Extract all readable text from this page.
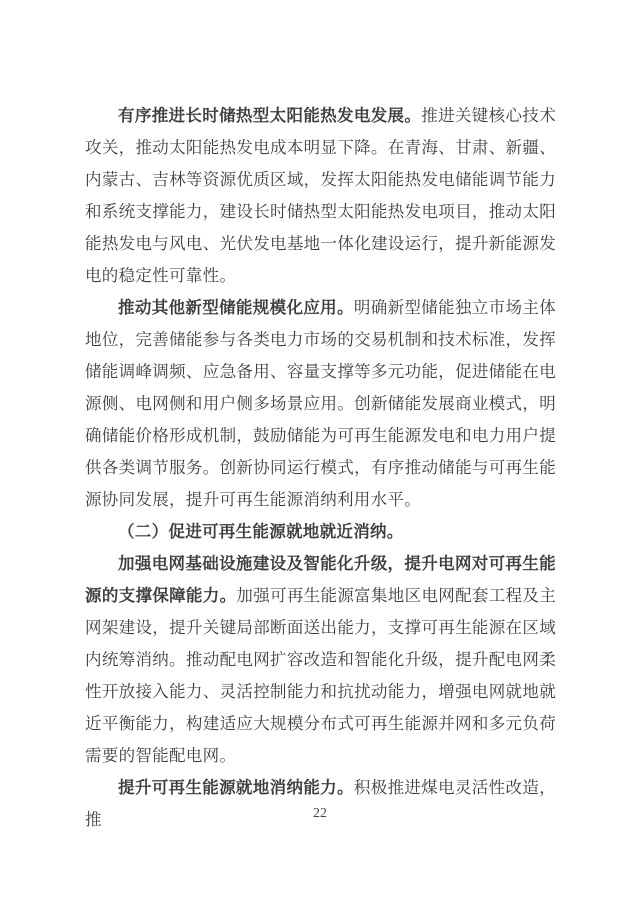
有序推进长时储热型太阳能热发电发展。推进关键核心技术攻关，推动太阳能热发电成本明显下降。在青海、甘肃、新疆、内蒙古、吉林等资源优质区域，发挥太阳能热发电储能调节能力和系统支撑能力，建设长时储热型太阳能热发电项目，推动太阳能热发电与风电、光伏发电基地一体化建设运行，提升新能源发电的稳定性可靠性。

推动其他新型储能规模化应用。明确新型储能独立市场主体地位，完善储能参与各类电力市场的交易机制和技术标准，发挥储能调峰调频、应急备用、容量支撑等多元功能，促进储能在电源侧、电网侧和用户侧多场景应用。创新储能发展商业模式，明确储能价格形成机制，鼓励储能为可再生能源发电和电力用户提供各类调节服务。创新协同运行模式，有序推动储能与可再生能源协同发展，提升可再生能源消纳利用水平。

（二）促进可再生能源就地就近消纳。

加强电网基础设施建设及智能化升级，提升电网对可再生能源的支撑保障能力。加强可再生能源富集地区电网配套工程及主网架建设，提升关键局部断面送出能力，支撑可再生能源在区域内统筹消纳。推动配电网扩容改造和智能化升级，提升配电网柔性开放接入能力、灵活控制能力和抗扰动能力，增强电网就地就近平衡能力，构建适应大规模分布式可再生能源并网和多元负荷需要的智能配电网。

提升可再生能源就地消纳能力。积极推进煤电灵活性改造，推	22
